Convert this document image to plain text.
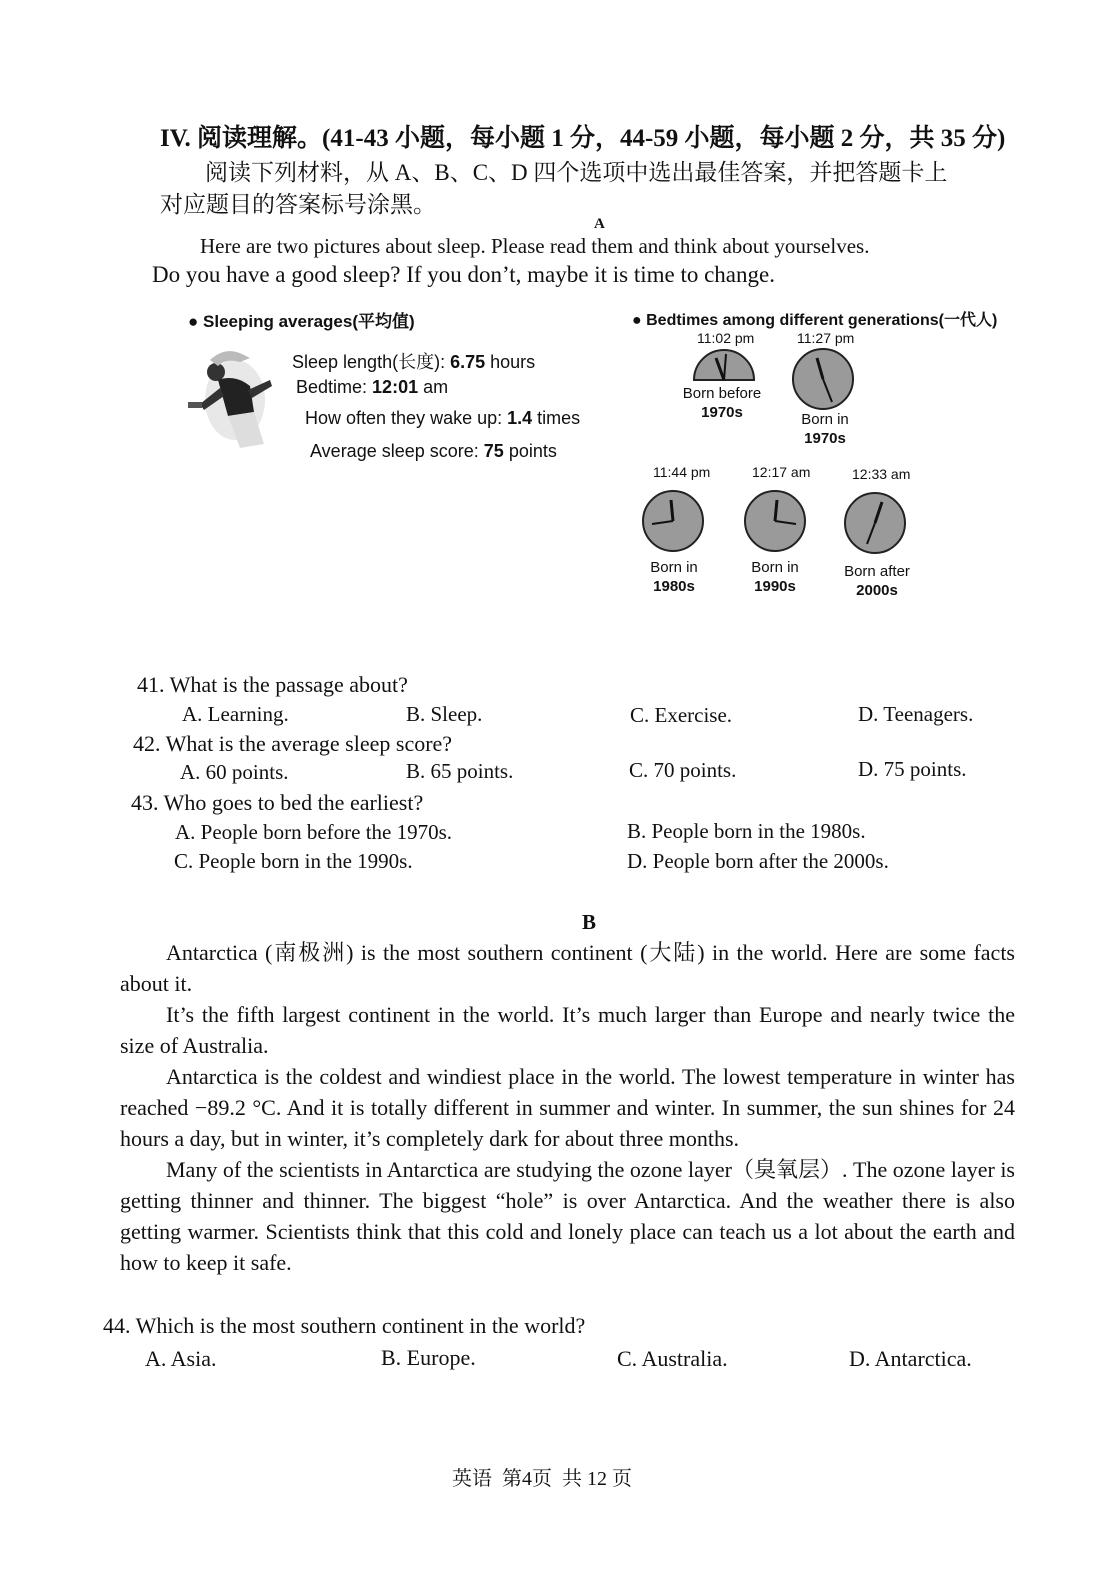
IV. 阅读理解。(41-43 小题，每小题 1 分，44-59 小题，每小题 2 分，共 35 分)
阅读下列材料，从 A、B、C、D 四个选项中选出最佳答案，并把答题卡上
对应题目的答案标号涂黑。
A
Here are two pictures about sleep. Please read them and think about yourselves.
Do you have a good sleep? If you don’t, maybe it is time to change.
● Sleeping averages(平均值)
Sleep length(长度): 6.75 hours
Bedtime: 12:01 am
How often they wake up: 1.4 times
Average sleep score: 75 points
● Bedtimes among different generations(一代人)
11:02 pm
Born before
1970s
11:27 pm
Born in
1970s
11:44 pm
Born in
1980s
12:17 am
Born in
1990s
12:33 am
Born after
2000s
41. What is the passage about?
A. Learning.	B. Sleep.	C. Exercise.	D. Teenagers.
42. What is the average sleep score?
A. 60 points.	B. 65 points.	C. 70 points.	D. 75 points.
43. Who goes to bed the earliest?
A. People born before the 1970s.	B. People born in the 1980s.
C. People born in the 1990s.	D. People born after the 2000s.
B
Antarctica (南极洲) is the most southern continent (大陆) in the world. Here are some facts about it.
It’s the fifth largest continent in the world. It’s much larger than Europe and nearly twice the size of Australia.
Antarctica is the coldest and windiest place in the world. The lowest temperature in winter has reached −89.2 °C. And it is totally different in summer and winter. In summer, the sun shines for 24 hours a day, but in winter, it’s completely dark for about three months.
Many of the scientists in Antarctica are studying the ozone layer（臭氧层）. The ozone layer is getting thinner and thinner. The biggest “hole” is over Antarctica. And the weather there is also getting warmer. Scientists think that this cold and lonely place can teach us a lot about the earth and how to keep it safe.
44. Which is the most southern continent in the world?
A. Asia.	B. Europe.	C. Australia.	D. Antarctica.
英语  第4页  共 12 页
